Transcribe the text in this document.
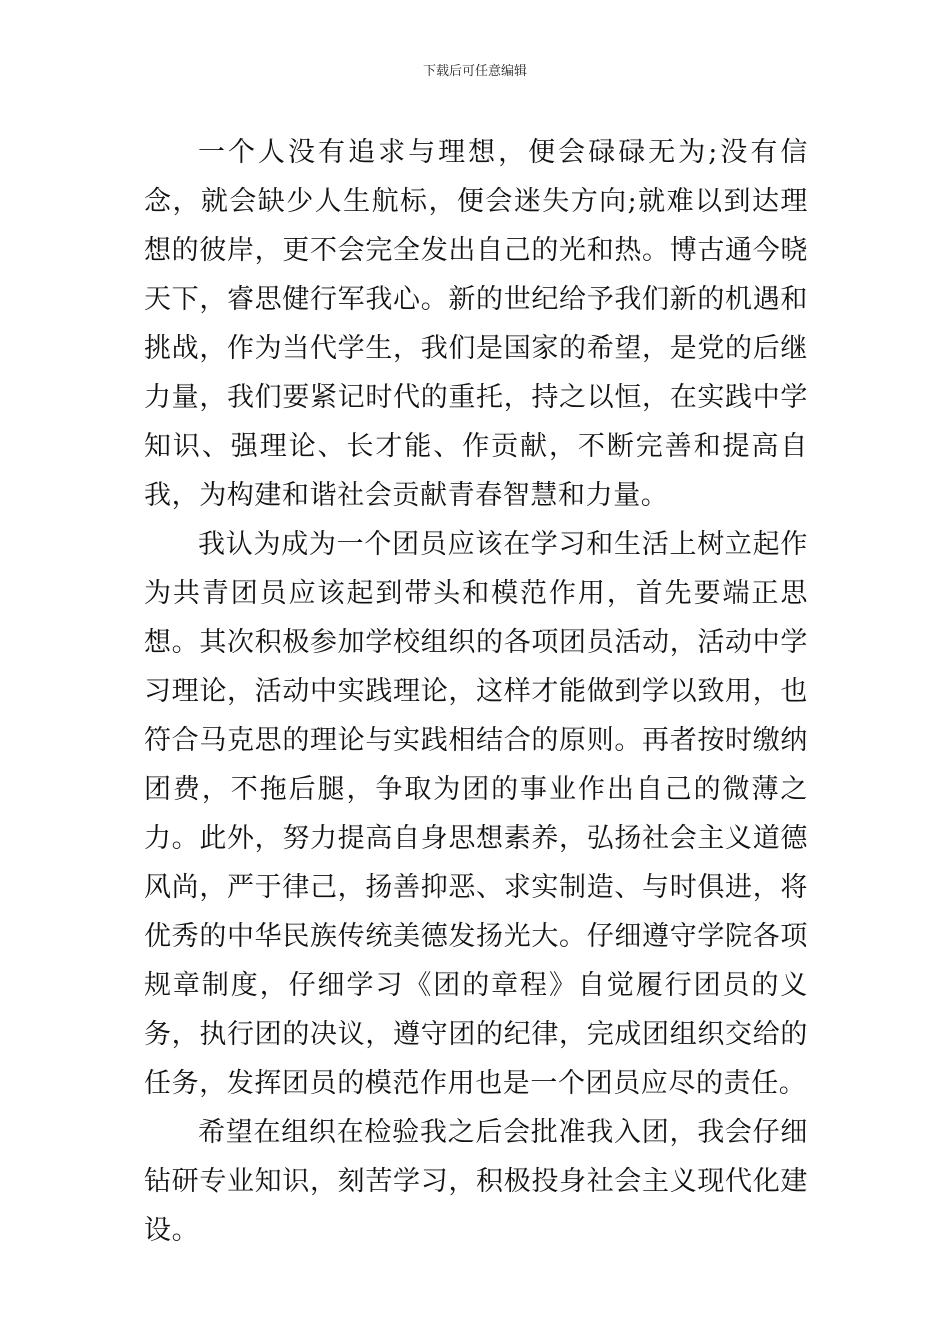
下载后可任意编辑

一个人没有追求与理想，便会碌碌无为;没有信念，就会缺少人生航标，便会迷失方向;就难以到达理想的彼岸，更不会完全发出自己的光和热。博古通今晓天下，睿思健行军我心。新的世纪给予我们新的机遇和挑战，作为当代学生，我们是国家的希望，是党的后继力量，我们要紧记时代的重托，持之以恒，在实践中学知识、强理论、长才能、作贡献，不断完善和提高自我，为构建和谐社会贡献青春智慧和力量。

我认为成为一个团员应该在学习和生活上树立起作为共青团员应该起到带头和模范作用，首先要端正思想。其次积极参加学校组织的各项团员活动，活动中学习理论，活动中实践理论，这样才能做到学以致用，也符合马克思的理论与实践相结合的原则。再者按时缴纳团费，不拖后腿，争取为团的事业作出自己的微薄之力。此外，努力提高自身思想素养，弘扬社会主义道德风尚，严于律己，扬善抑恶、求实制造、与时俱进，将优秀的中华民族传统美德发扬光大。仔细遵守学院各项规章制度，仔细学习《团的章程》自觉履行团员的义务，执行团的决议，遵守团的纪律，完成团组织交给的任务，发挥团员的模范作用也是一个团员应尽的责任。

希望在组织在检验我之后会批准我入团，我会仔细钻研专业知识，刻苦学习，积极投身社会主义现代化建设。
